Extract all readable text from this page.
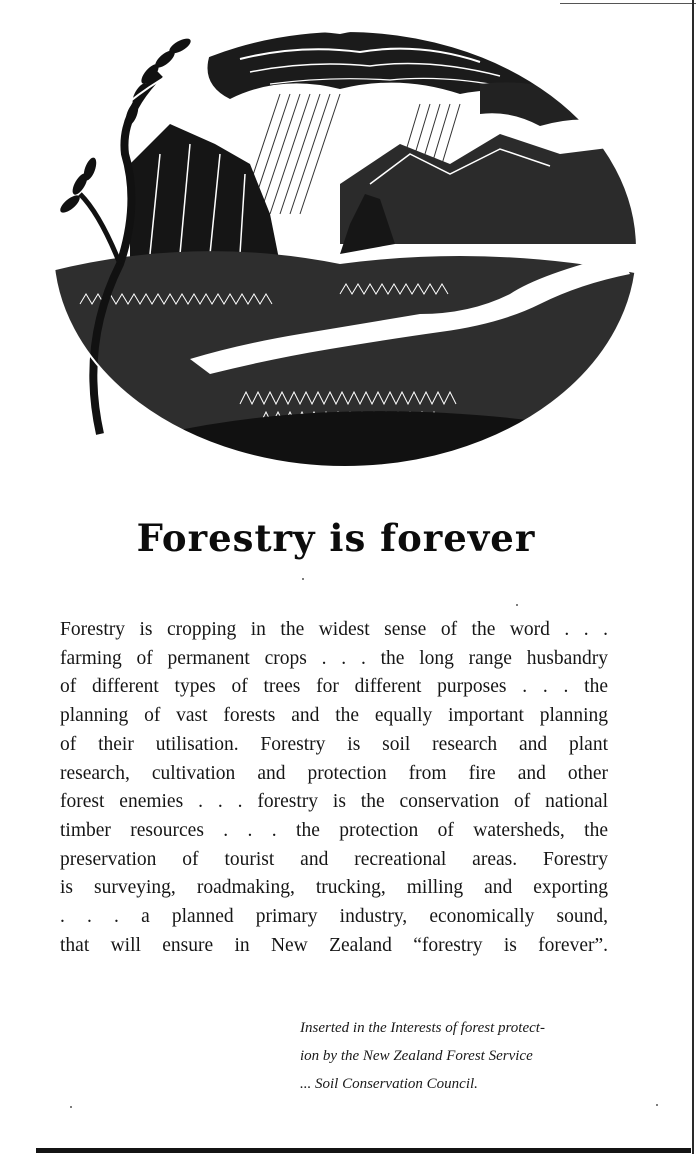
Forestry is forever
Forestry is cropping in the widest sense of the word . . .
farming of permanent crops . . . the long range husbandry
of different types of trees for different purposes . . . the
planning of vast forests and the equally important planning
of their utilisation. Forestry is soil research and plant
research, cultivation and protection from fire and other
forest enemies . . . forestry is the conservation of national
timber resources . . . the protection of watersheds, the
preservation of tourist and recreational areas. Forestry
is surveying, roadmaking, trucking, milling and exporting
. . . a planned primary industry, economically sound,
that will ensure in New Zealand “forestry is forever”.
Inserted in the Interests of forest protect-
ion by the New Zealand Forest Service
... Soil Conservation Council.
